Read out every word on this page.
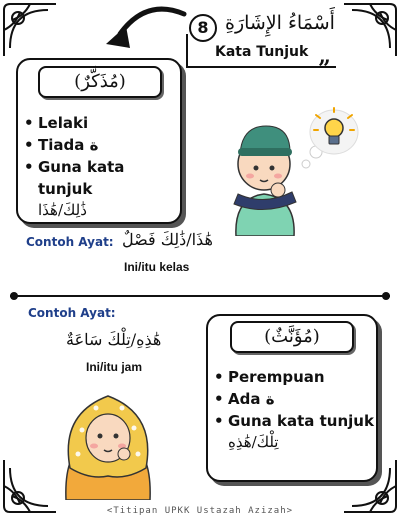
8 أَسْمَاءُ الإِشَارَةِ
Kata Tunjuk
”
(مُذَكَّرٌ)
• Lelaki
• Tiada ة
• Guna kata tunjuk
ذَٰلِكَ/هَٰذَا
Contoh Ayat: هَٰذَا/ذَٰلِكَ فَصْلٌ
Ini/itu kelas
Contoh Ayat:
هَٰذِهِ/تِلْكَ سَاعَةٌ
Ini/itu jam
(مُؤَنَّثٌ)
• Perempuan
• Ada ة
• Guna kata tunjuk
تِلْكَ/هَٰذِهِ
<Titipan UPKK Ustazah Azizah>
